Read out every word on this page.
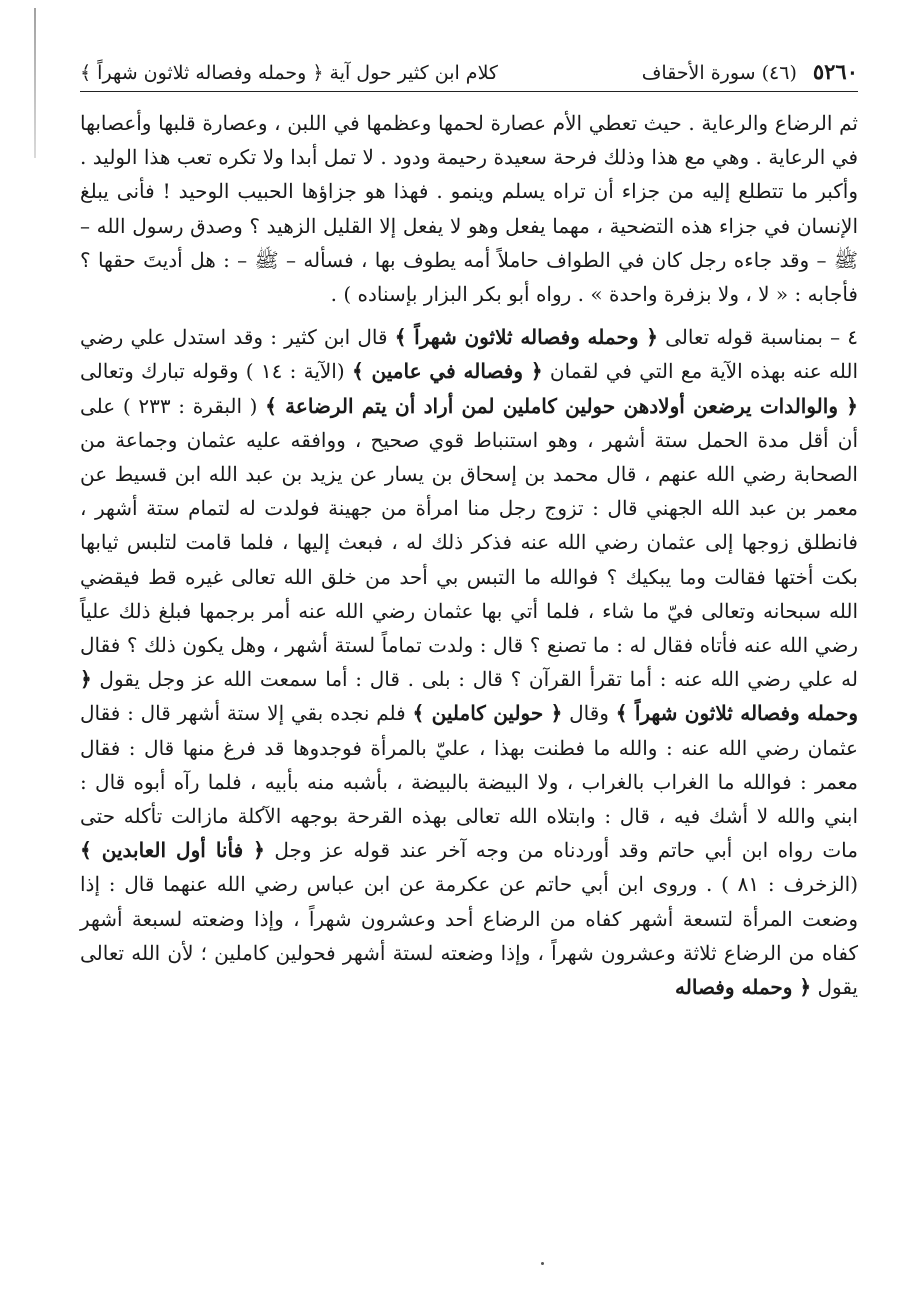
٥٢٦٠
(٤٦) سورة الأحقاف
كلام ابن كثير حول آية ﴿ وحمله وفصاله ثلاثون شهراً ﴾

ثم الرضاع والرعاية . حيث تعطي الأم عصارة لحمها وعظمها في اللبن ، وعصارة قلبها وأعصابها في الرعاية . وهي مع هذا وذلك فرحة سعيدة رحيمة ودود . لا تمل أبدا ولا تكره تعب هذا الوليد . وأكبر ما تتطلع إليه من جزاء أن تراه يسلم وينمو . فهذا هو جزاؤها الحبيب الوحيد ! فأنى يبلغ الإنسان في جزاء هذه التضحية ، مهما يفعل وهو لا يفعل إلا القليل الزهيد ؟ وصدق رسول الله – ﷺ – وقد جاءه رجل كان في الطواف حاملاً أمه يطوف بها ، فسأله – ﷺ – : هل أديتَ حقها ؟ فأجابه : « لا ، ولا بزفرة واحدة » . رواه أبو بكر البزار بإسناده ) .

٤ – بمناسبة قوله تعالى ﴿ وحمله وفصاله ثلاثون شهراً ﴾ قال ابن كثير : وقد استدل علي رضي الله عنه بهذه الآية مع التي في لقمان ﴿ وفصاله في عامين ﴾ (الآية : ١٤ ) وقوله تبارك وتعالى ﴿ والوالدات يرضعن أولادهن حولين كاملين لمن أراد أن يتم الرضاعة ﴾ ( البقرة : ٢٣٣ ) على أن أقل مدة الحمل ستة أشهر ، وهو استنباط قوي صحيح ، ووافقه عليه عثمان وجماعة من الصحابة رضي الله عنهم ، قال محمد بن إسحاق بن يسار عن يزيد بن عبد الله ابن قسيط عن معمر بن عبد الله الجهني قال : تزوج رجل منا امرأة من جهينة فولدت له لتمام ستة أشهر ، فانطلق زوجها إلى عثمان رضي الله عنه فذكر ذلك له ، فبعث إليها ، فلما قامت لتلبس ثيابها بكت أختها فقالت وما يبكيك ؟ فوالله ما التبس بي أحد من خلق الله تعالى غيره قط فيقضي الله سبحانه وتعالى فيّ ما شاء ، فلما أتي بها عثمان رضي الله عنه أمر برجمها فبلغ ذلك علياً رضي الله عنه فأتاه فقال له : ما تصنع ؟ قال : ولدت تماماً لستة أشهر ، وهل يكون ذلك ؟ فقال له علي رضي الله عنه : أما تقرأ القرآن ؟ قال : بلى . قال : أما سمعت الله عز وجل يقول ﴿ وحمله وفصاله ثلاثون شهراً ﴾ وقال ﴿ حولين كاملين ﴾ فلم نجده بقي إلا ستة أشهر قال : فقال عثمان رضي الله عنه : والله ما فطنت بهذا ، عليّ بالمرأة فوجدوها قد فرغ منها قال : فقال معمر : فوالله ما الغراب بالغراب ، ولا البيضة بالبيضة ، بأشبه منه بأبيه ، فلما رآه أبوه قال : ابني والله لا أشك فيه ، قال : وابتلاه الله تعالى بهذه القرحة بوجهه الآكلة مازالت تأكله حتى مات رواه ابن أبي حاتم وقد أوردناه من وجه آخر عند قوله عز وجل ﴿ فأنا أول العابدين ﴾ (الزخرف : ٨١ ) . وروى ابن أبي حاتم عن عكرمة عن ابن عباس رضي الله عنهما قال : إذا وضعت المرأة لتسعة أشهر كفاه من الرضاع أحد وعشرون شهراً ، وإذا وضعته لسبعة أشهر كفاه من الرضاع ثلاثة وعشرون شهراً ، وإذا وضعته لستة أشهر فحولين كاملين ؛ لأن الله تعالى يقول ﴿ وحمله وفصاله
